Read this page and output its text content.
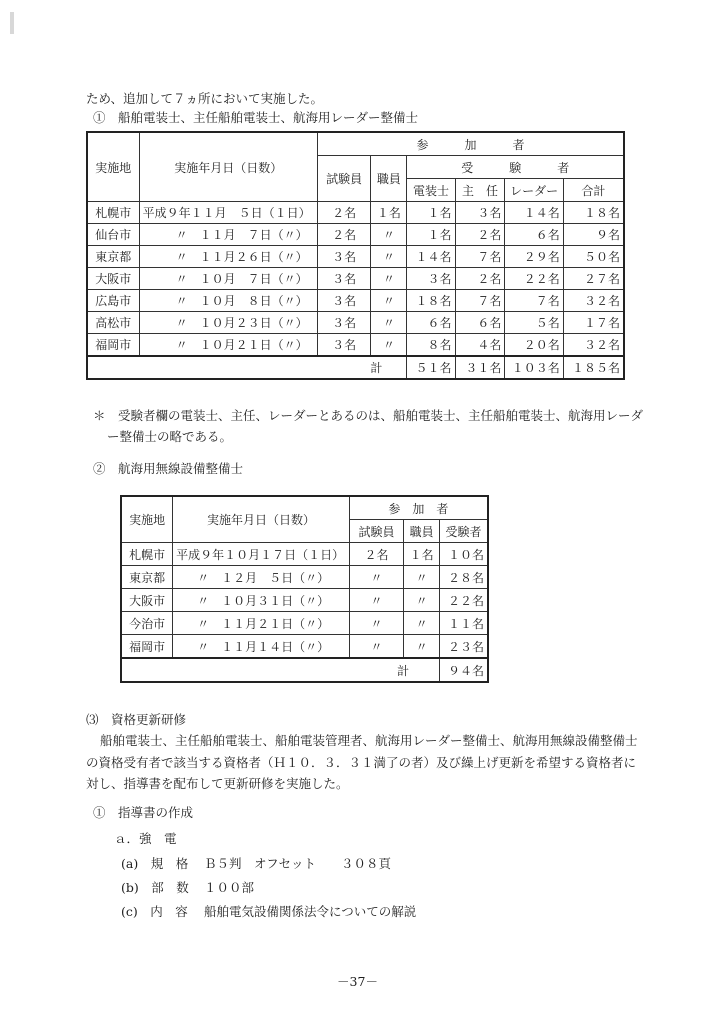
ため、追加して７ヵ所において実施した。
①　船舶電装士、主任船舶電装士、航海用レーダー整備士
実施地	実施年月日（日数）	参　　　加　　　者					
		試験員	職員	受　　　験　　　者			
				電装士	主　任	レーダー	合計
札幌市	平成９年１１月　５日（１日）	２名	１名	１名	３名	１４名	１８名
仙台市	〃　１１月　７日（〃）	２名	〃	１名	２名	６名	９名
東京都	〃　１１月２６日（〃）	３名	〃	１４名	７名	２９名	５０名
大阪市	〃　１０月　７日（〃）	３名	〃	３名	２名	２２名	２７名
広島市	〃　１０月　８日（〃）	３名	〃	１８名	７名	７名	３２名
高松市	〃　１０月２３日（〃）	３名	〃	６名	６名	５名	１７名
福岡市	〃　１０月２１日（〃）	３名	〃	８名	４名	２０名	３２名
計				５１名	３１名	１０３名	１８５名
＊　受験者欄の電装士、主任、レーダーとあるのは、船舶電装士、主任船舶電装士、航海用レーダ
ー整備士の略である。
②　航海用無線設備整備士
実施地	実施年月日（日数）	参　加　者		
		試験員	職員	受験者
札幌市	平成９年１０月１７日（１日）	２名	１名	１０名
東京都	〃　１２月　５日（〃）	〃	〃	２８名
大阪市	〃　１０月３１日（〃）	〃	〃	２２名
今治市	〃　１１月２１日（〃）	〃	〃	１１名
福岡市	〃　１１月１４日（〃）	〃	〃	２３名
計				９４名
⑶　資格更新研修
船舶電装士、主任船舶電装士、船舶電装管理者、航海用レーダー整備士、航海用無線設備整備士
の資格受有者で該当する資格者（Ｈ１０．３．３１満了の者）及び繰上げ更新を希望する資格者に
対し、指導書を配布して更新研修を実施した。
①　指導書の作成
ａ．強　電
(a)　規　格 Ｂ５判　オフセット　　３０８頁
(b)　部　数 １００部
(c)　内　容 船舶電気設備関係法令についての解説
－37－
